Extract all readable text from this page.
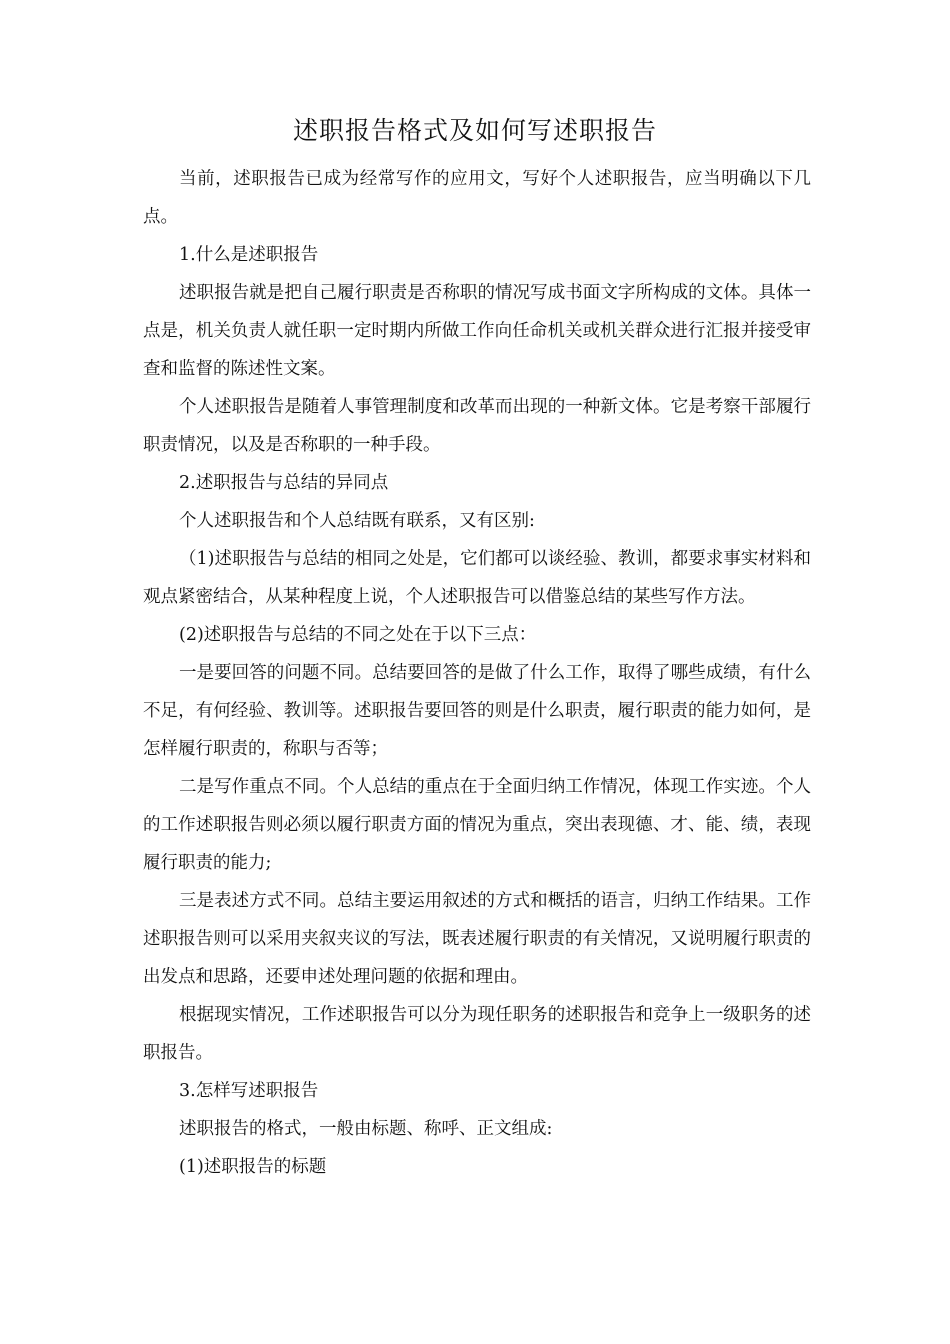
述职报告格式及如何写述职报告

当前，述职报告已成为经常写作的应用文，写好个人述职报告，应当明确以下几点。

1.什么是述职报告

述职报告就是把自己履行职责是否称职的情况写成书面文字所构成的文体。具体一点是，机关负责人就任职一定时期内所做工作向任命机关或机关群众进行汇报并接受审查和监督的陈述性文案。

个人述职报告是随着人事管理制度和改革而出现的一种新文体。它是考察干部履行职责情况，以及是否称职的一种手段。

2.述职报告与总结的异同点

个人述职报告和个人总结既有联系，又有区别:

（1)述职报告与总结的相同之处是，它们都可以谈经验、教训，都要求事实材料和观点紧密结合，从某种程度上说，个人述职报告可以借鉴总结的某些写作方法。

(2)述职报告与总结的不同之处在于以下三点：

一是要回答的问题不同。总结要回答的是做了什么工作，取得了哪些成绩，有什么不足，有何经验、教训等。述职报告要回答的则是什么职责，履行职责的能力如何，是怎样履行职责的，称职与否等；

二是写作重点不同。个人总结的重点在于全面归纳工作情况，体现工作实迹。个人的工作述职报告则必须以履行职责方面的情况为重点，突出表现德、才、能、绩，表现履行职责的能力;

三是表述方式不同。总结主要运用叙述的方式和概括的语言，归纳工作结果。工作述职报告则可以采用夹叙夹议的写法，既表述履行职责的有关情况，又说明履行职责的出发点和思路，还要申述处理问题的依据和理由。

根据现实情况，工作述职报告可以分为现任职务的述职报告和竞争上一级职务的述职报告。

3.怎样写述职报告

述职报告的格式，一般由标题、称呼、正文组成:

(1)述职报告的标题
